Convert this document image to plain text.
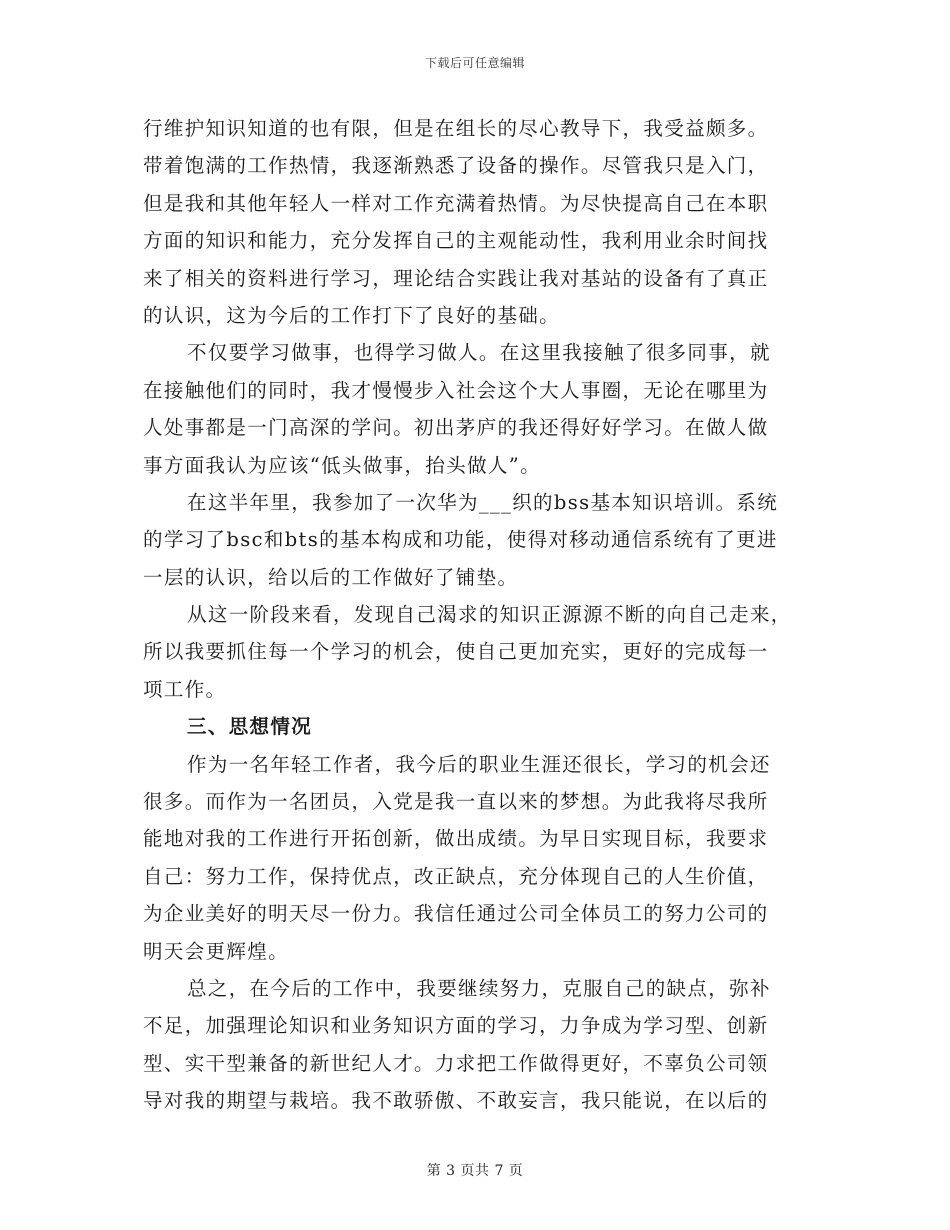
下载后可任意编辑
行维护知识知道的也有限，但是在组长的尽心教导下，我受益颇多。
带着饱满的工作热情，我逐渐熟悉了设备的操作。尽管我只是入门，
但是我和其他年轻人一样对工作充满着热情。为尽快提高自己在本职
方面的知识和能力，充分发挥自己的主观能动性，我利用业余时间找
来了相关的资料进行学习，理论结合实践让我对基站的设备有了真正
的认识，这为今后的工作打下了良好的基础。
不仅要学习做事，也得学习做人。在这里我接触了很多同事，就
在接触他们的同时，我才慢慢步入社会这个大人事圈，无论在哪里为
人处事都是一门高深的学问。初出茅庐的我还得好好学习。在做人做
事方面我认为应该“低头做事，抬头做人”。
在这半年里，我参加了一次华为___织的bss基本知识培训。系统
的学习了bsc和bts的基本构成和功能，使得对移动通信系统有了更进
一层的认识，给以后的工作做好了铺垫。
从这一阶段来看，发现自己渴求的知识正源源不断的向自己走来，
所以我要抓住每一个学习的机会，使自己更加充实，更好的完成每一
项工作。
三、思想情况
作为一名年轻工作者，我今后的职业生涯还很长，学习的机会还
很多。而作为一名团员，入党是我一直以来的梦想。为此我将尽我所
能地对我的工作进行开拓创新，做出成绩。为早日实现目标，我要求
自己：努力工作，保持优点，改正缺点，充分体现自己的人生价值，
为企业美好的明天尽一份力。我信任通过公司全体员工的努力公司的
明天会更辉煌。
总之，在今后的工作中，我要继续努力，克服自己的缺点，弥补
不足，加强理论知识和业务知识方面的学习，力争成为学习型、创新
型、实干型兼备的新世纪人才。力求把工作做得更好，不辜负公司领
导对我的期望与栽培。我不敢骄傲、不敢妄言，我只能说，在以后的
第 3 页共 7 页
